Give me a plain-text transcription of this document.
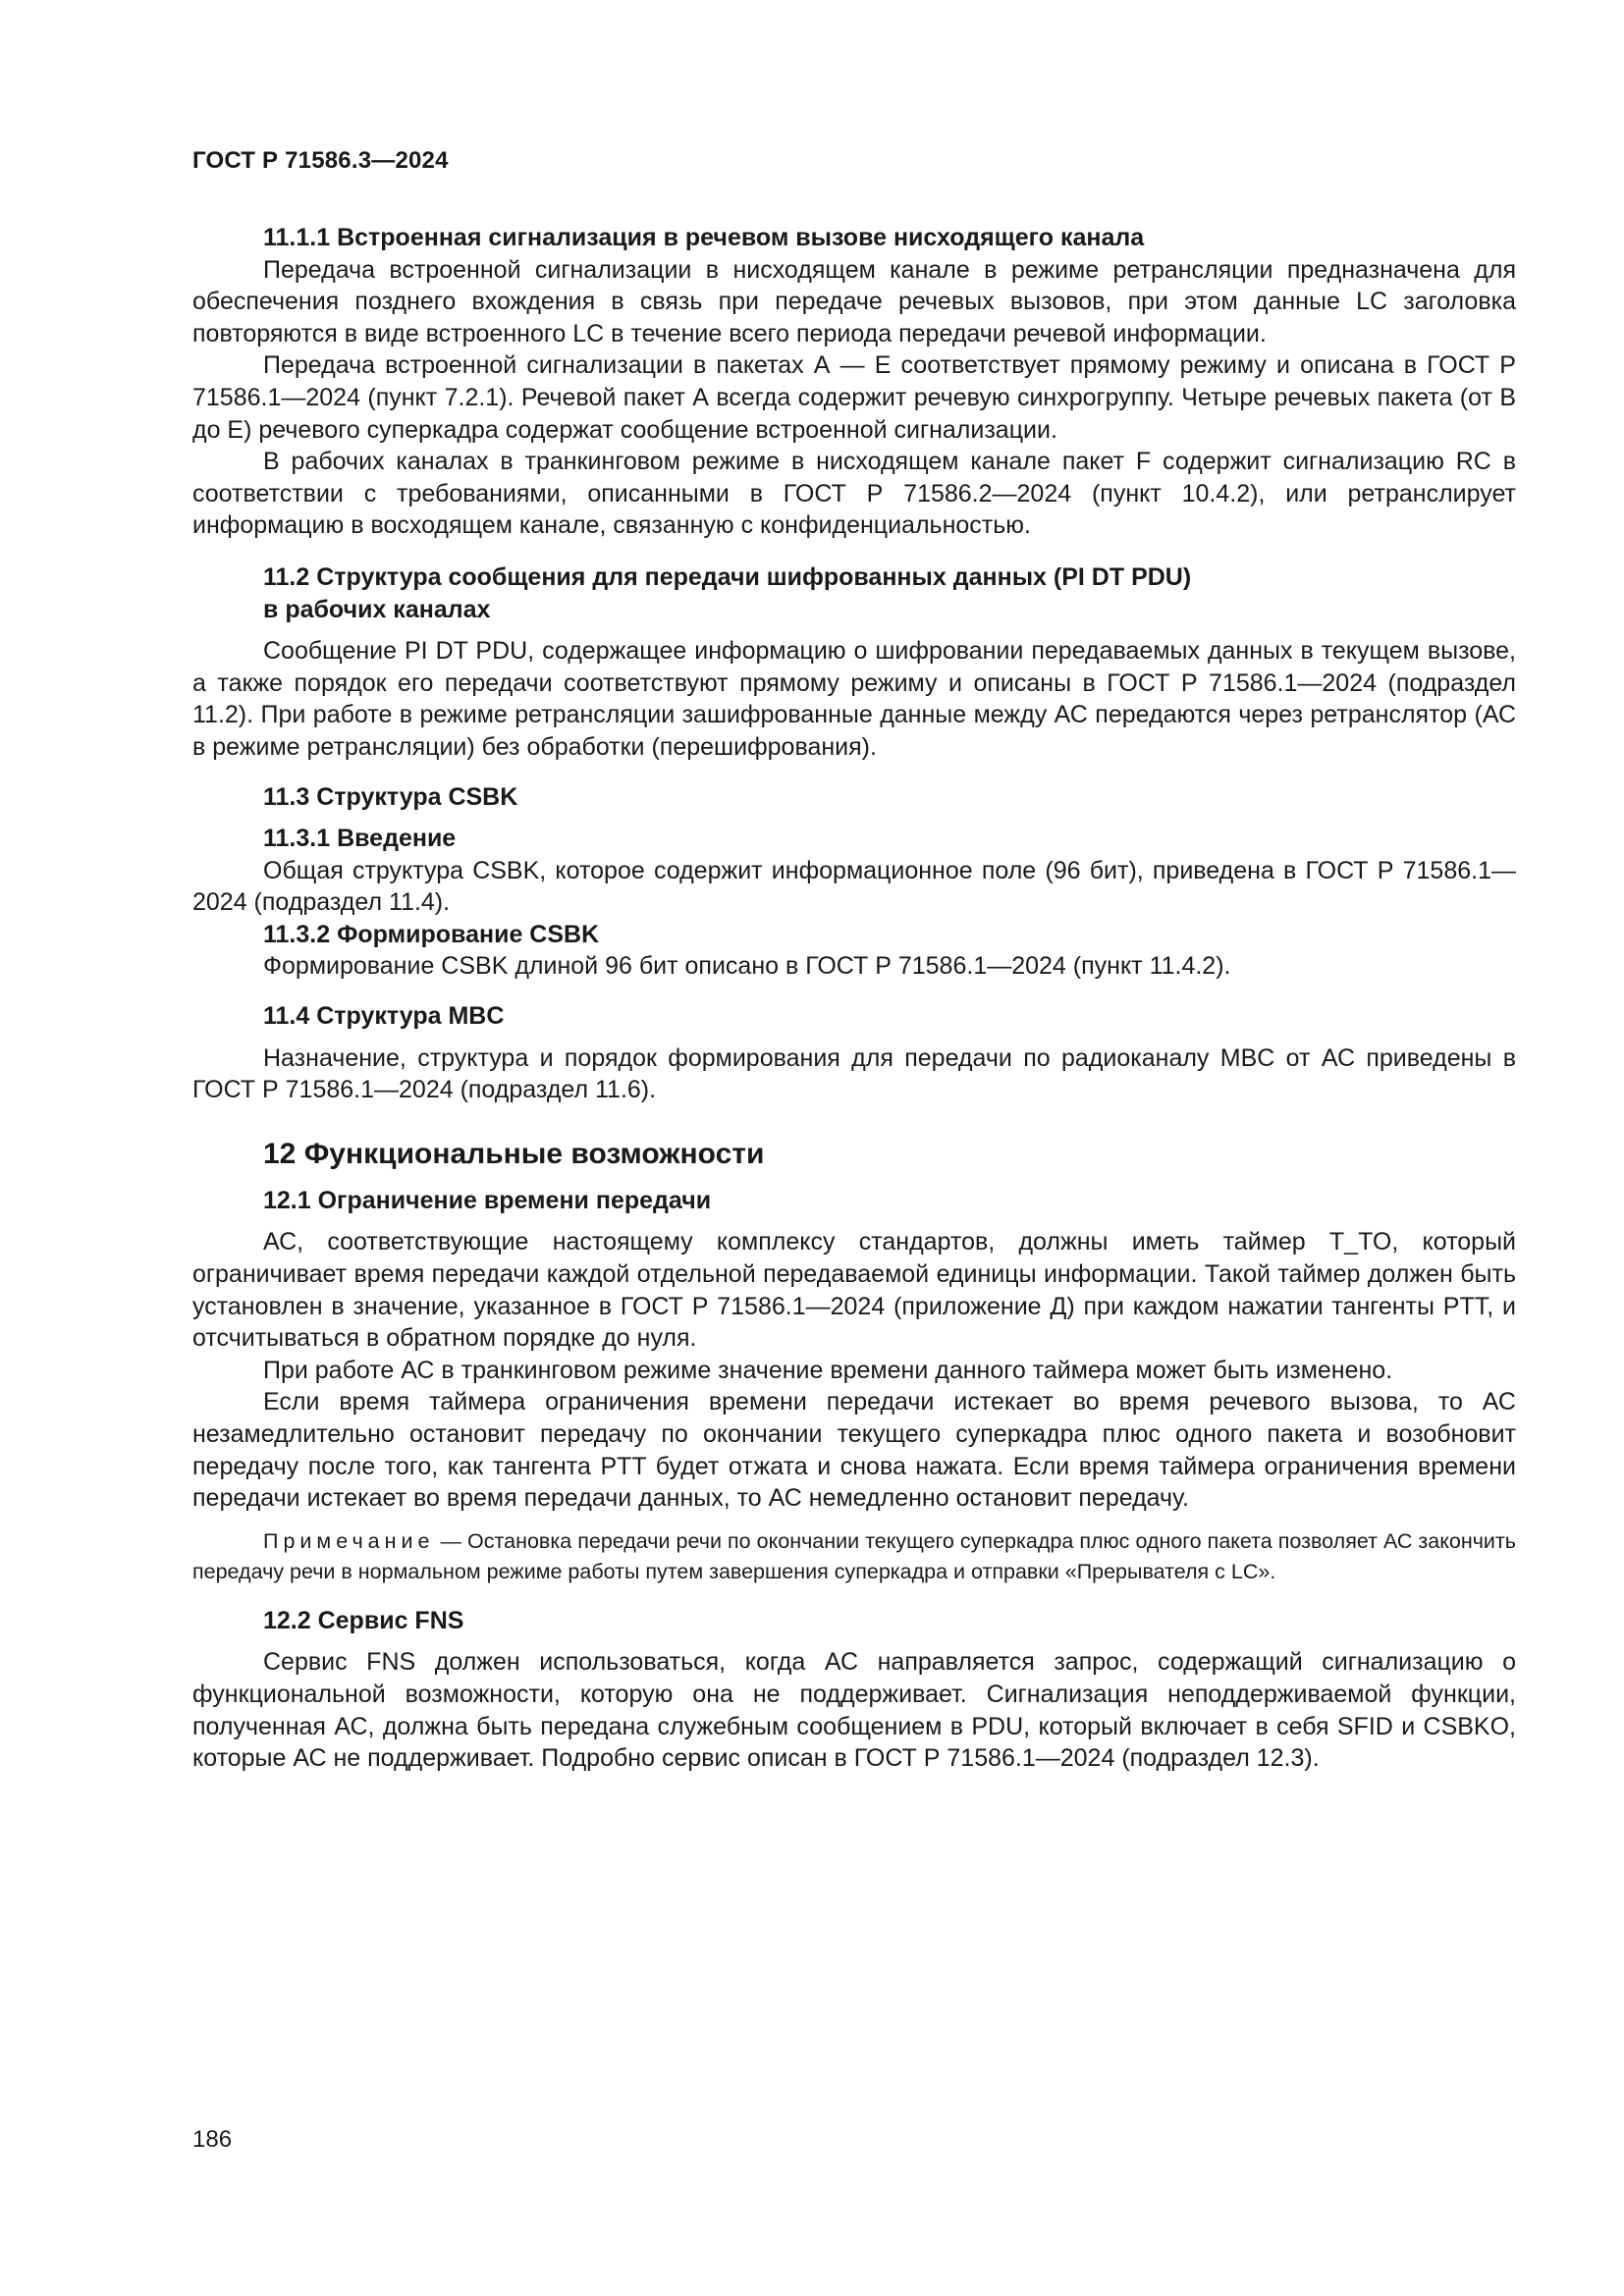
ГОСТ Р 71586.3—2024
11.1.1 Встроенная сигнализация в речевом вызове нисходящего канала

Передача встроенной сигнализации в нисходящем канале в режиме ретрансляции предназначена для обеспечения позднего вхождения в связь при передаче речевых вызовов, при этом данные LC заголовка повторяются в виде встроенного LC в течение всего периода передачи речевой информации.

Передача встроенной сигнализации в пакетах А — Е соответствует прямому режиму и описана в ГОСТ Р 71586.1—2024 (пункт 7.2.1). Речевой пакет А всегда содержит речевую синхрогруппу. Четыре речевых пакета (от В до Е) речевого суперкадра содержат сообщение встроенной сигнализации.

В рабочих каналах в транкинговом режиме в нисходящем канале пакет F содержит сигнализацию RC в соответствии с требованиями, описанными в ГОСТ Р 71586.2—2024 (пункт 10.4.2), или ретранслирует информацию в восходящем канале, связанную с конфиденциальностью.

11.2 Структура сообщения для передачи шифрованных данных (PI DT PDU)
в рабочих каналах

Сообщение PI DT PDU, содержащее информацию о шифровании передаваемых данных в текущем вызове, а также порядок его передачи соответствуют прямому режиму и описаны в ГОСТ Р 71586.1—2024 (подраздел 11.2). При работе в режиме ретрансляции зашифрованные данные между АС передаются через ретранслятор (АС в режиме ретрансляции) без обработки (перешифрования).

11.3 Структура CSBK
11.3.1 Введение

Общая структура CSBK, которое содержит информационное поле (96 бит), приведена в ГОСТ Р 71586.1—2024 (подраздел 11.4).

11.3.2 Формирование CSBK

Формирование CSBK длиной 96 бит описано в ГОСТ Р 71586.1—2024 (пункт 11.4.2).

11.4 Структура MBC

Назначение, структура и порядок формирования для передачи по радиоканалу MBC от АС приведены в ГОСТ Р 71586.1—2024 (подраздел 11.6).

12 Функциональные возможности
12.1 Ограничение времени передачи

АС, соответствующие настоящему комплексу стандартов, должны иметь таймер T_TO, который ограничивает время передачи каждой отдельной передаваемой единицы информации. Такой таймер должен быть установлен в значение, указанное в ГОСТ Р 71586.1—2024 (приложение Д) при каждом нажатии тангенты PTT, и отсчитываться в обратном порядке до нуля.

При работе АС в транкинговом режиме значение времени данного таймера может быть изменено.

Если время таймера ограничения времени передачи истекает во время речевого вызова, то АС незамедлительно остановит передачу по окончании текущего суперкадра плюс одного пакета и возобновит передачу после того, как тангента PTT будет отжата и снова нажата. Если время таймера ограничения времени передачи истекает во время передачи данных, то АС немедленно остановит передачу.

Примечание — Остановка передачи речи по окончании текущего суперкадра плюс одного пакета позволяет АС закончить передачу речи в нормальном режиме работы путем завершения суперкадра и отправки «Прерывателя с LC».

12.2 Сервис FNS

Сервис FNS должен использоваться, когда АС направляется запрос, содержащий сигнализацию о функциональной возможности, которую она не поддерживает. Сигнализация неподдерживаемой функции, полученная АС, должна быть передана служебным сообщением в PDU, который включает в себя SFID и CSBKO, которые АС не поддерживает. Подробно сервис описан в ГОСТ Р 71586.1—2024 (подраздел 12.3).

186
